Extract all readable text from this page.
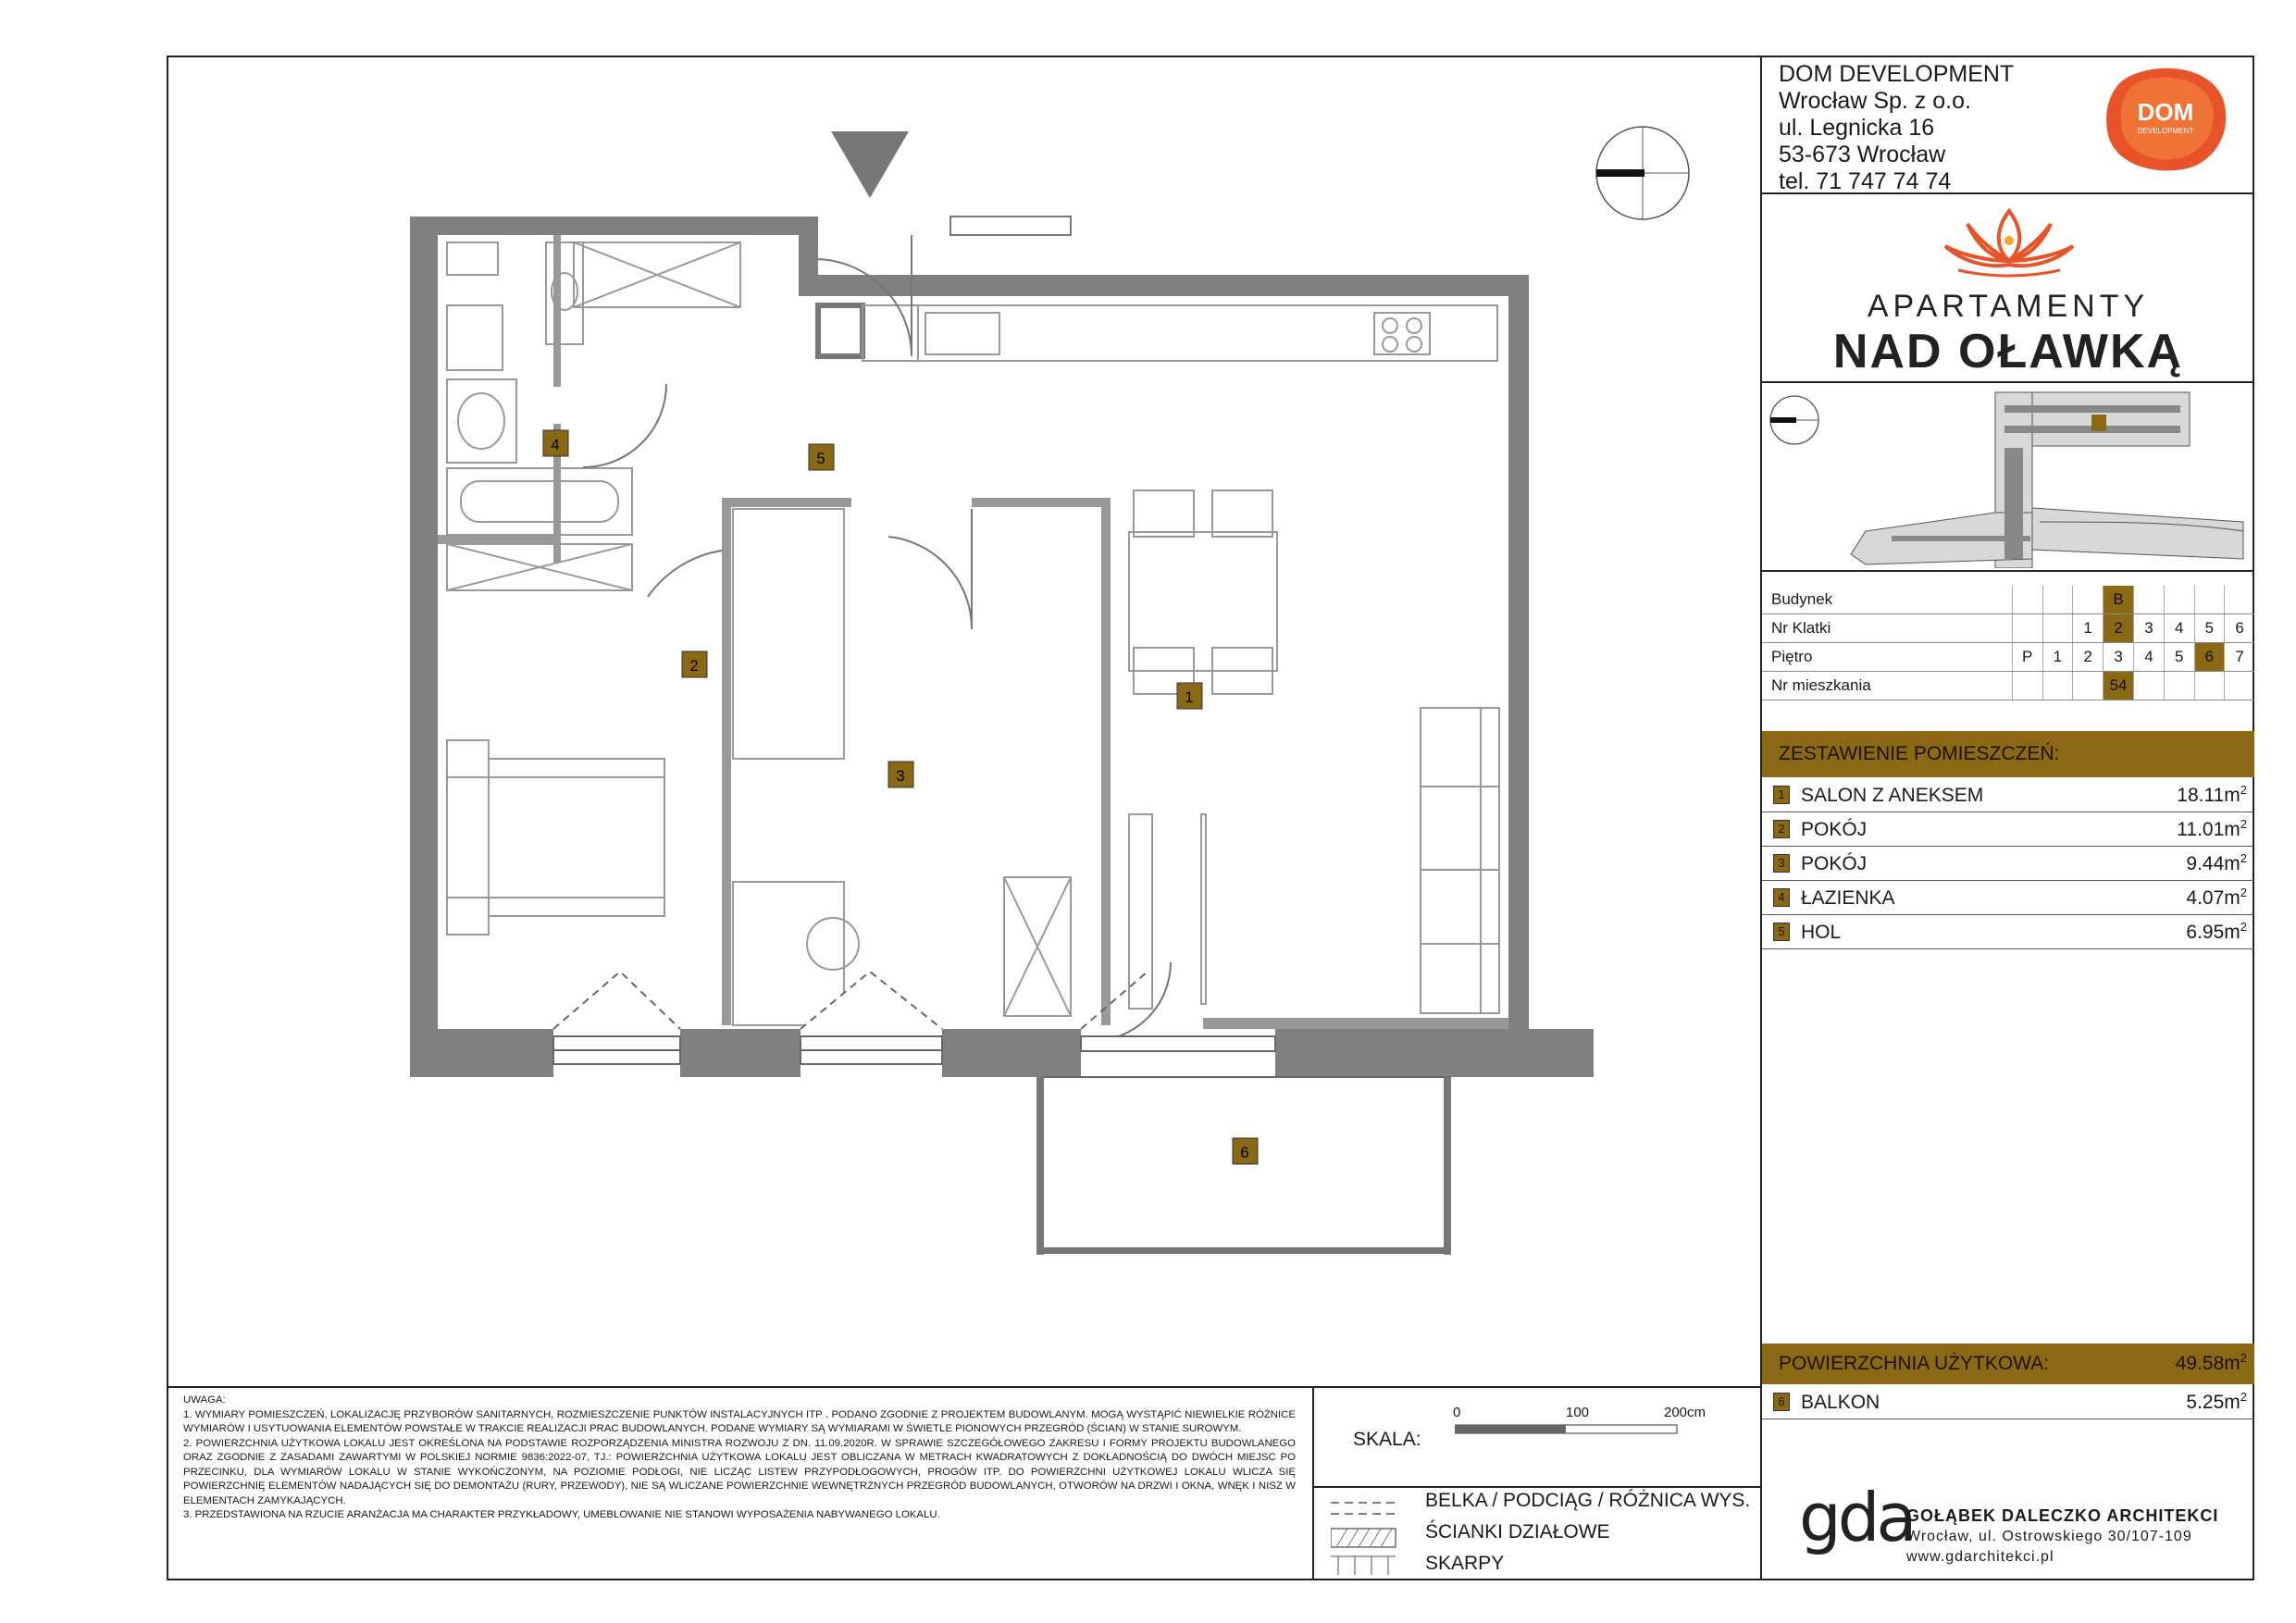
1
2
3
4
5
6
DOM DEVELOPMENT
Wrocław Sp. z o.o.
ul. Legnicka 16
53-673 Wrocław
tel. 71 747 74 74
DOM
DEVELOPMENT
APARTAMENTY
NAD OŁAWKĄ
Budynek				B				
Nr Klatki			1	2	3	4	5	6
Piętro	P	1	2	3	4	5	6	7
Nr mieszkania				54				
ZESTAWIENIE POMIESZCZEŃ:
1 SALON Z ANEKSEM	$18.11m^2$
2 POKÓJ	$11.01m^2$
3 POKÓJ	$9.44m^2$
4 ŁAZIENKA	$4.07m^2$
5 HOL	$6.95m^2$
POWIERZCHNIA UŻYTKOWA:	$49.58m^2$
6 BALKON	$5.25m^2$

UWAGA:

1. WYMIARY POMIESZCZEŃ, LOKALIZACJĘ PRZYBORÓW SANITARNYCH, ROZMIESZCZENIE PUNKTÓW INSTALACYJNYCH ITP . PODANO ZGODNIE Z PROJEKTEM BUDOWLANYM. MOGĄ WYSTĄPIĆ NIEWIELKIE RÓŻNICE WYMIARÓW I USYTUOWANIA ELEMENTÓW POWSTAŁE W TRAKCIE REALIZACJI PRAC BUDOWLANYCH. PODANE WYMIARY SĄ WYMIARAMI W ŚWIETLE PIONOWYCH PRZEGRÓD (ŚCIAN) W STANIE SUROWYM.

2. POWIERZCHNIA UŻYTKOWA LOKALU JEST OKREŚLONA NA PODSTAWIE ROZPORZĄDZENIA MINISTRA ROZWOJU Z DN. 11.09.2020R. W SPRAWIE SZCZEGÓŁOWEGO ZAKRESU I FORMY PROJEKTU BUDOWLANEGO ORAZ ZGODNIE Z ZASADAMI ZAWARTYMI W POLSKIEJ NORMIE 9836:2022-07, TJ.: POWIERZCHNIA UŻYTKOWA LOKALU JEST OBLICZANA W METRACH KWADRATOWYCH Z DOKŁADNOŚCIĄ DO DWÓCH MIEJSC PO PRZECINKU, DLA WYMIARÓW LOKALU W STANIE WYKOŃCZONYM, NA POZIOMIE PODŁOGI, NIE LICZĄC LISTEW PRZYPODŁOGOWYCH, PROGÓW ITP. DO POWIERZCHNI UŻYTKOWEJ LOKALU WLICZA SIĘ POWIERZCHNIĘ ELEMENTÓW NADAJĄCYCH SIĘ DO DEMONTAŻU (RURY, PRZEWODY), NIE SĄ WLICZANE POWIERZCHNIE WEWNĘTRZNYCH PRZEGRÓD BUDOWLANYCH, OTWORÓW NA DRZWI I OKNA, WNĘK I NISZ W ELEMENTACH ZAMYKAJĄCYCH.

3. PRZEDSTAWIONA NA RZUCIE ARANŻACJA MA CHARAKTER PRZYKŁADOWY, UMEBLOWANIE NIE STANOWI WYPOSAŻENIA NABYWANEGO LOKALU.

SKALA:
0	100	200cm
BELKA / PODCIĄG / RÓŻNICA WYS.
ŚCIANKI DZIAŁOWE
SKARPY
gda
GOŁĄBEK DALECZKO ARCHITEKCI
Wrocław, ul. Ostrowskiego 30/107-109
www.gdarchitekci.pl
